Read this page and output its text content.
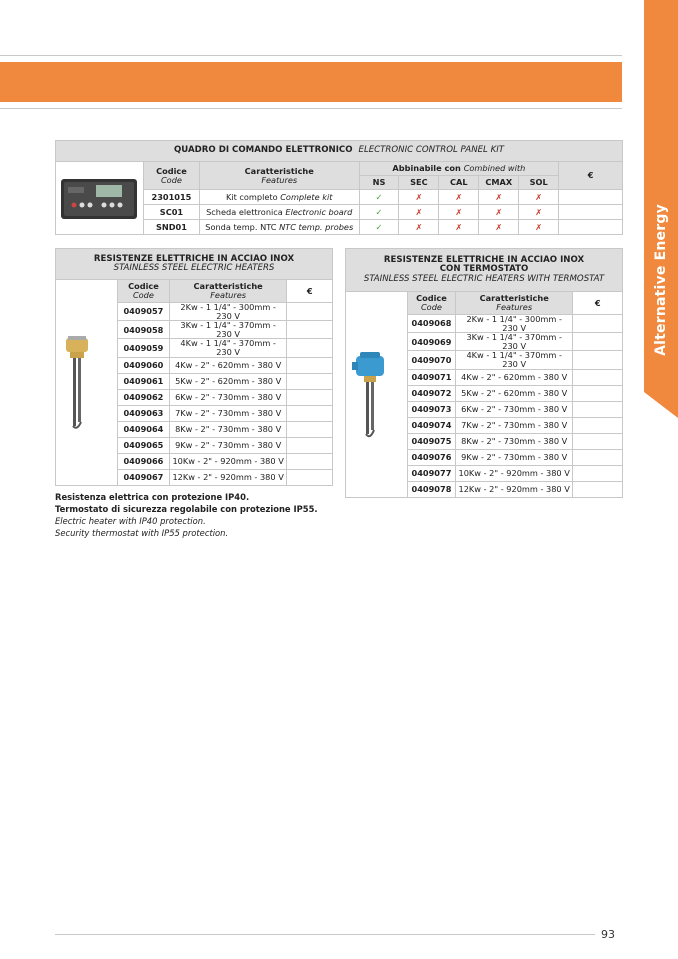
Alternative Energy
QUADRO DI COMANDO ELETTRONICO ELECTRONIC CONTROL PANEL KIT								
	Codice
Code	Caratteristiche
Features	Abbinabile con Combined with					€
			NS	SEC	CAL	CMAX	SOL	
	2301015	Kit completo Complete kit	✓	✗	✗	✗	✗	
	SC01	Scheda elettronica Electronic board	✓	✗	✗	✗	✗	
	SND01	Sonda temp. NTC NTC temp. probes	✓	✗	✗	✗	✗	
RESISTENZE ELETTRICHE IN ACCIAO INOX
STAINLESS STEEL ELECTRIC HEATERS			
	Codice
Code	Caratteristiche
Features	€
	0409057	2Kw - 1 1/4" - 300mm - 230 V	
	0409058	3Kw - 1 1/4" - 370mm - 230 V	
	0409059	4Kw - 1 1/4" - 370mm - 230 V	
	0409060	4Kw - 2" - 620mm - 380 V	
	0409061	5Kw - 2" - 620mm - 380 V	
	0409062	6Kw - 2" - 730mm - 380 V	
	0409063	7Kw - 2" - 730mm - 380 V	
	0409064	8Kw - 2" - 730mm - 380 V	
	0409065	9Kw - 2" - 730mm - 380 V	
	0409066	10Kw - 2" - 920mm - 380 V	
	0409067	12Kw - 2" - 920mm - 380 V	
RESISTENZE ELETTRICHE IN ACCIAO INOX
CON TERMOSTATO
STAINLESS STEEL ELECTRIC HEATERS WITH TERMOSTAT			
	Codice
Code	Caratteristiche
Features	€
	0409068	2Kw - 1 1/4" - 300mm - 230 V	
	0409069	3Kw - 1 1/4" - 370mm - 230 V	
	0409070	4Kw - 1 1/4" - 370mm - 230 V	
	0409071	4Kw - 2" - 620mm - 380 V	
	0409072	5Kw - 2" - 620mm - 380 V	
	0409073	6Kw - 2" - 730mm - 380 V	
	0409074	7Kw - 2" - 730mm - 380 V	
	0409075	8Kw - 2" - 730mm - 380 V	
	0409076	9Kw - 2" - 730mm - 380 V	
	0409077	10Kw - 2" - 920mm - 380 V	
	0409078	12Kw - 2" - 920mm - 380 V	
Resistenza elettrica con protezione IP40.
Termostato di sicurezza regolabile con protezione IP55.
Electric heater with IP40 protection.
Security thermostat with IP55 protection.
93
